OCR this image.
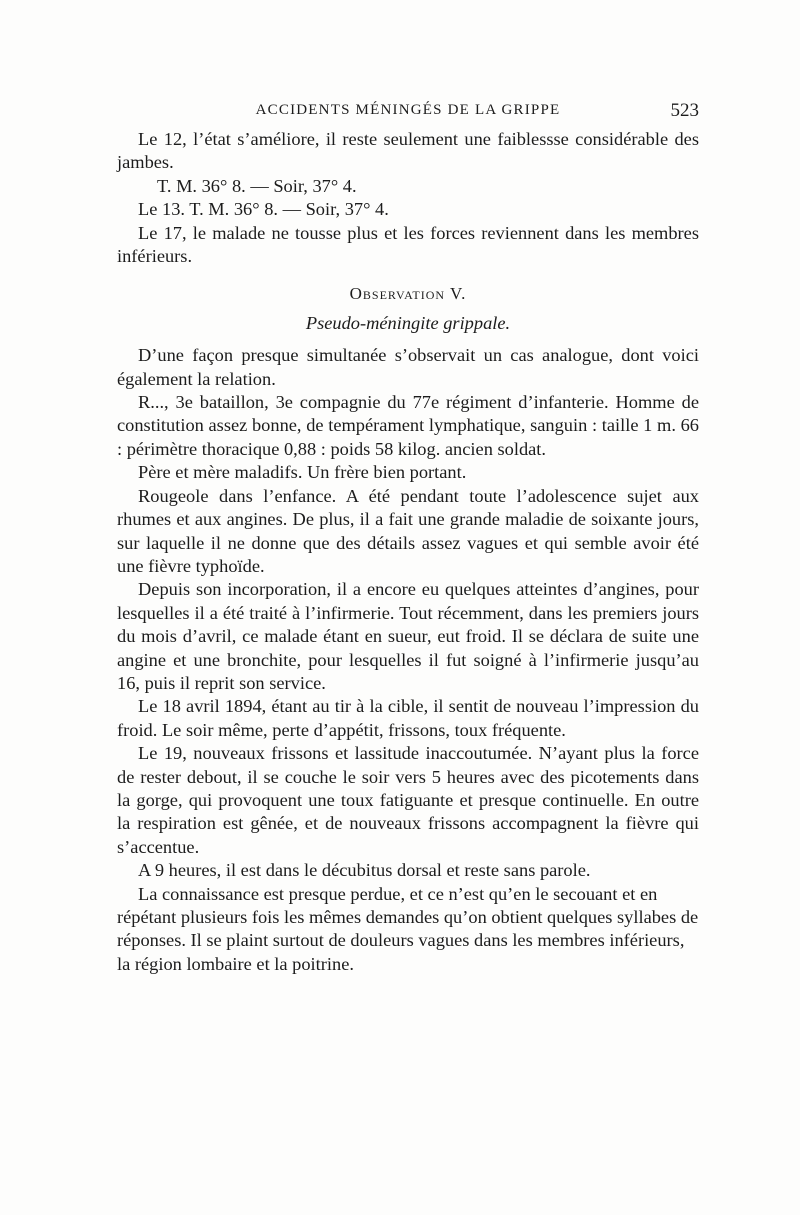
ACCIDENTS MÉNINGÉS DE LA GRIPPE	523

Le 12, l’état s’améliore, il reste seulement une faiblessse considérable des jambes.

T. M. 36° 8. — Soir, 37° 4.

Le 13. T. M. 36° 8. — Soir, 37° 4.

Le 17, le malade ne tousse plus et les forces reviennent dans les membres inférieurs.

Observation V.

Pseudo-méningite grippale.

D’une façon presque simultanée s’observait un cas analogue, dont voici également la relation.

R..., 3e bataillon, 3e compagnie du 77e régiment d’infanterie. Homme de constitution assez bonne, de tempérament lymphatique, sanguin : taille 1 m. 66 : périmètre thoracique 0,88 : poids 58 kilog. ancien soldat.

Père et mère maladifs. Un frère bien portant.

Rougeole dans l’enfance. A été pendant toute l’adolescence sujet aux rhumes et aux angines. De plus, il a fait une grande maladie de soixante jours, sur laquelle il ne donne que des détails assez vagues et qui semble avoir été une fièvre typhoïde.

Depuis son incorporation, il a encore eu quelques atteintes d’angines, pour lesquelles il a été traité à l’infirmerie. Tout récemment, dans les premiers jours du mois d’avril, ce malade étant en sueur, eut froid. Il se déclara de suite une angine et une bronchite, pour lesquelles il fut soigné à l’infirmerie jusqu’au 16, puis il reprit son service.

Le 18 avril 1894, étant au tir à la cible, il sentit de nouveau l’impression du froid. Le soir même, perte d’appétit, frissons, toux fréquente.

Le 19, nouveaux frissons et lassitude inaccoutumée. N’ayant plus la force de rester debout, il se couche le soir vers 5 heures avec des picotements dans la gorge, qui provoquent une toux fatiguante et presque continuelle. En outre la respiration est gênée, et de nouveaux frissons accompagnent la fièvre qui s’accentue.

A 9 heures, il est dans le décubitus dorsal et reste sans parole.

La connaissance est presque perdue, et ce n’est qu’en le secouant et en répétant plusieurs fois les mêmes demandes qu’on obtient quelques syllabes de réponses. Il se plaint surtout de douleurs vagues dans les membres inférieurs, la région lombaire et la poitrine.
